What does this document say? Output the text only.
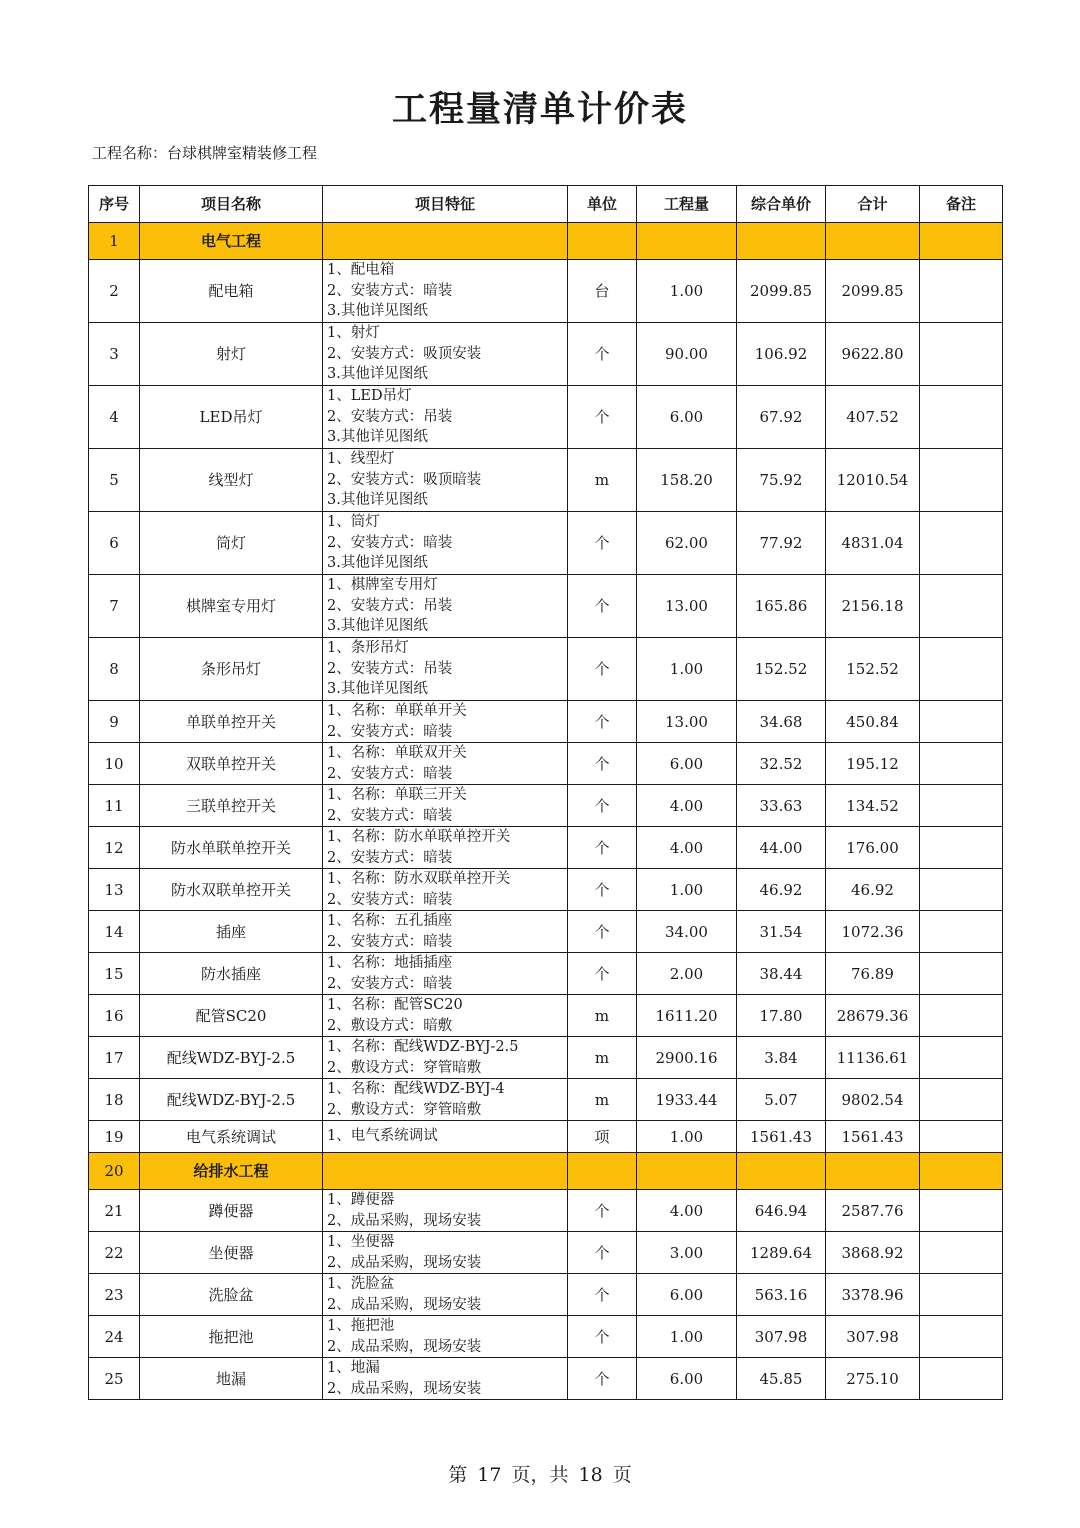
工程量清单计价表
工程名称：台球棋牌室精装修工程
序号	项目名称	项目特征	单位	工程量	综合单价	合计	备注
1	电气工程						
2	配电箱	1、配电箱
2、安装方式：暗装
3.其他详见图纸	台	1.00	2099.85	2099.85	
3	射灯	1、射灯
2、安装方式：吸顶安装
3.其他详见图纸	个	90.00	106.92	9622.80	
4	LED吊灯	1、LED吊灯
2、安装方式：吊装
3.其他详见图纸	个	6.00	67.92	407.52	
5	线型灯	1、线型灯
2、安装方式：吸顶暗装
3.其他详见图纸	m	158.20	75.92	12010.54	
6	筒灯	1、筒灯
2、安装方式：暗装
3.其他详见图纸	个	62.00	77.92	4831.04	
7	棋牌室专用灯	1、棋牌室专用灯
2、安装方式：吊装
3.其他详见图纸	个	13.00	165.86	2156.18	
8	条形吊灯	1、条形吊灯
2、安装方式：吊装
3.其他详见图纸	个	1.00	152.52	152.52	
9	单联单控开关	1、名称：单联单开关
2、安装方式：暗装	个	13.00	34.68	450.84	
10	双联单控开关	1、名称：单联双开关
2、安装方式：暗装	个	6.00	32.52	195.12	
11	三联单控开关	1、名称：单联三开关
2、安装方式：暗装	个	4.00	33.63	134.52	
12	防水单联单控开关	1、名称：防水单联单控开关
2、安装方式：暗装	个	4.00	44.00	176.00	
13	防水双联单控开关	1、名称：防水双联单控开关
2、安装方式：暗装	个	1.00	46.92	46.92	
14	插座	1、名称：五孔插座
2、安装方式：暗装	个	34.00	31.54	1072.36	
15	防水插座	1、名称：地插插座
2、安装方式：暗装	个	2.00	38.44	76.89	
16	配管SC20	1、名称：配管SC20
2、敷设方式：暗敷	m	1611.20	17.80	28679.36	
17	配线WDZ-BYJ-2.5	1、名称：配线WDZ-BYJ-2.5
2、敷设方式：穿管暗敷	m	2900.16	3.84	11136.61	
18	配线WDZ-BYJ-2.5	1、名称：配线WDZ-BYJ-4
2、敷设方式：穿管暗敷	m	1933.44	5.07	9802.54	
19	电气系统调试	1、电气系统调试	项	1.00	1561.43	1561.43	
20	给排水工程						
21	蹲便器	1、蹲便器
2、成品采购，现场安装	个	4.00	646.94	2587.76	
22	坐便器	1、坐便器
2、成品采购，现场安装	个	3.00	1289.64	3868.92	
23	洗脸盆	1、洗脸盆
2、成品采购，现场安装	个	6.00	563.16	3378.96	
24	拖把池	1、拖把池
2、成品采购，现场安装	个	1.00	307.98	307.98	
25	地漏	1、地漏
2、成品采购，现场安装	个	6.00	45.85	275.10	
第 17 页，共 18 页
